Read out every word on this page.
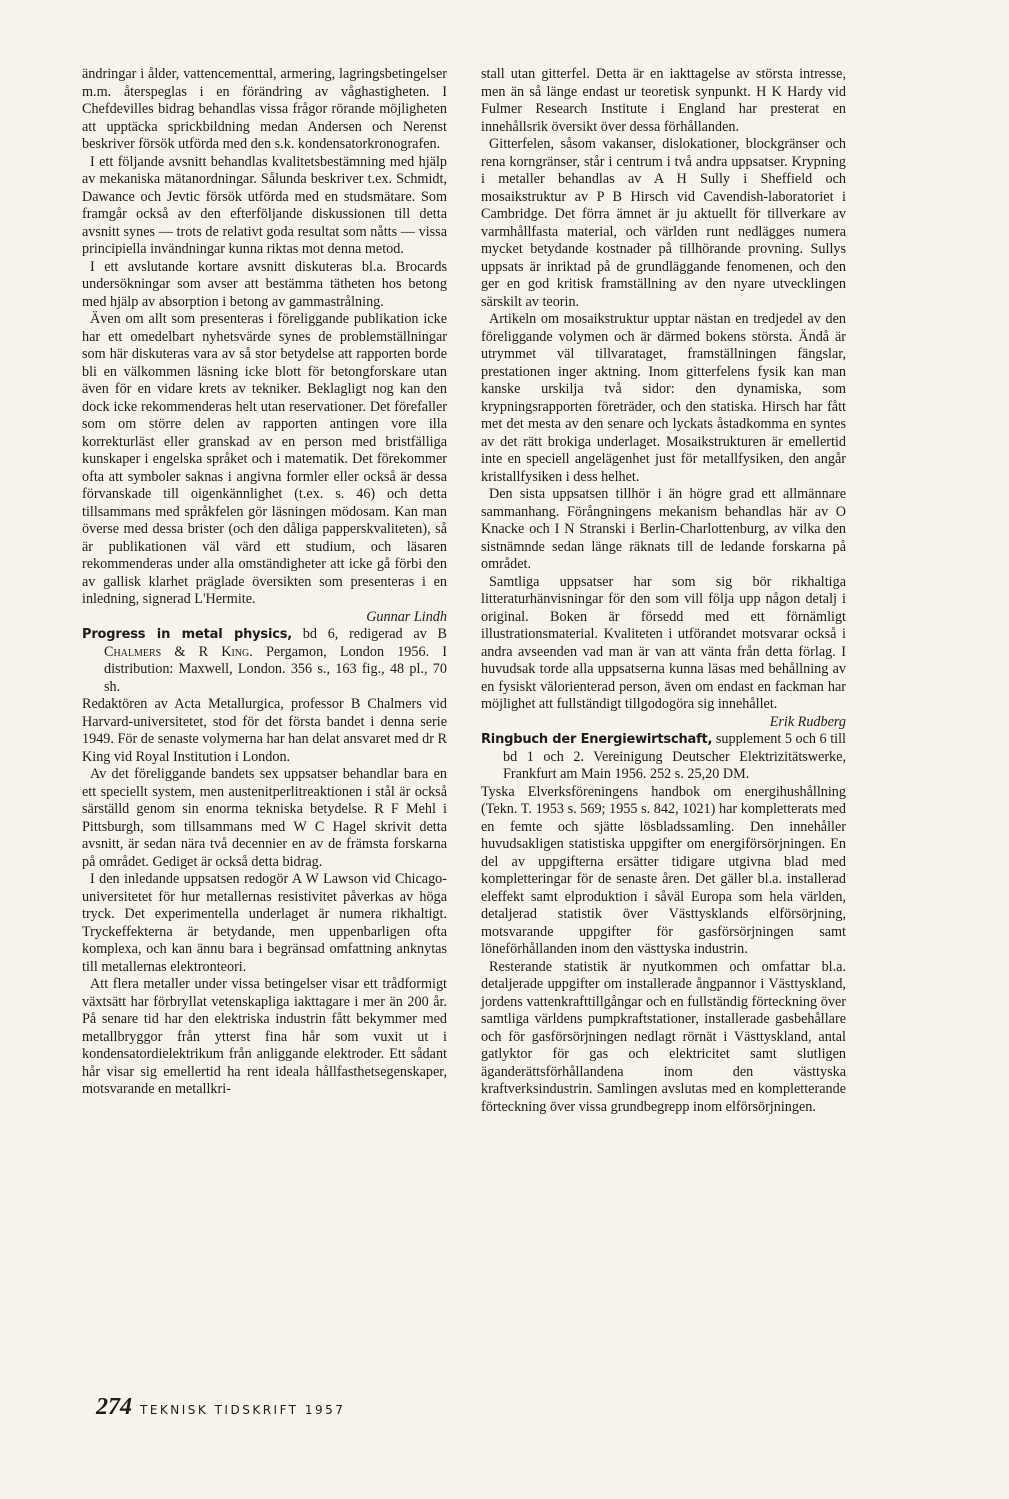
ändringar i ålder, vattencementtal, armering, lagringsbetingelser m.m. återspeglas i en förändring av våghastigheten. I Chefdevilles bidrag behandlas vissa frågor rörande möjligheten att upptäcka sprickbildning medan Andersen och Nerenst beskriver försök utförda med den s.k. kondensatorkronografen.

I ett följande avsnitt behandlas kvalitetsbestämning med hjälp av mekaniska mätanordningar. Sålunda beskriver t.ex. Schmidt, Dawance och Jevtic försök utförda med en studsmätare. Som framgår också av den efterföljande diskussionen till detta avsnitt synes — trots de relativt goda resultat som nåtts — vissa principiella invändningar kunna riktas mot denna metod.

I ett avslutande kortare avsnitt diskuteras bl.a. Brocards undersökningar som avser att bestämma tätheten hos betong med hjälp av absorption i betong av gammastrålning.

Även om allt som presenteras i föreliggande publikation icke har ett omedelbart nyhetsvärde synes de problemställningar som här diskuteras vara av så stor betydelse att rapporten borde bli en välkommen läsning icke blott för betongforskare utan även för en vidare krets av tekniker. Beklagligt nog kan den dock icke rekommenderas helt utan reservationer. Det förefaller som om större delen av rapporten antingen vore illa korrekturläst eller granskad av en person med bristfälliga kunskaper i engelska språket och i matematik. Det förekommer ofta att symboler saknas i angivna formler eller också är dessa förvanskade till oigenkännlighet (t.ex. s. 46) och detta tillsammans med språkfelen gör läsningen mödosam. Kan man överse med dessa brister (och den dåliga papperskvaliteten), så är publikationen väl värd ett studium, och läsaren rekommenderas under alla omständigheter att icke gå förbi den av gallisk klarhet präglade översikten som presenteras i en inledning, signerad L'Hermite.

Gunnar Lindh

Progress in metal physics, bd 6, redigerad av B Chalmers & R King. Pergamon, London 1956. I distribution: Maxwell, London. 356 s., 163 fig., 48 pl., 70 sh.

Redaktören av Acta Metallurgica, professor B Chalmers vid Harvard-universitetet, stod för det första bandet i denna serie 1949. För de senaste volymerna har han delat ansvaret med dr R King vid Royal Institution i London.

Av det föreliggande bandets sex uppsatser behandlar bara en ett speciellt system, men austenitperlitreaktionen i stål är också särställd genom sin enorma tekniska betydelse. R F Mehl i Pittsburgh, som tillsammans med W C Hagel skrivit detta avsnitt, är sedan nära två decennier en av de främsta forskarna på området. Gediget är också detta bidrag.

I den inledande uppsatsen redogör A W Lawson vid Chicago-universitetet för hur metallernas resistivitet påverkas av höga tryck. Det experimentella underlaget är numera rikhaltigt. Tryckeffekterna är betydande, men uppenbarligen ofta komplexa, och kan ännu bara i begränsad omfattning anknytas till metallernas elektronteori.

Att flera metaller under vissa betingelser visar ett trådformigt växtsätt har förbryllat vetenskapliga iakttagare i mer än 200 år. På senare tid har den elektriska industrin fått bekymmer med metallbryggor från ytterst fina hår som vuxit ut i kondensatordielektrikum från anliggande elektroder. Ett sådant hår visar sig emellertid ha rent ideala hållfasthetsegenskaper, motsvarande en metallkri-

stall utan gitterfel. Detta är en iakttagelse av största intresse, men än så länge endast ur teoretisk synpunkt. H K Hardy vid Fulmer Research Institute i England har presterat en innehållsrik översikt över dessa förhållanden.

Gitterfelen, såsom vakanser, dislokationer, blockgränser och rena korngränser, står i centrum i två andra uppsatser. Krypning i metaller behandlas av A H Sully i Sheffield och mosaikstruktur av P B Hirsch vid Cavendish-laboratoriet i Cambridge. Det förra ämnet är ju aktuellt för tillverkare av varmhållfasta material, och världen runt nedlägges numera mycket betydande kostnader på tillhörande provning. Sullys uppsats är inriktad på de grundläggande fenomenen, och den ger en god kritisk framställning av den nyare utvecklingen särskilt av teorin.

Artikeln om mosaikstruktur upptar nästan en tredjedel av den föreliggande volymen och är därmed bokens största. Ändå är utrymmet väl tillvarataget, framställningen fängslar, prestationen inger aktning. Inom gitterfelens fysik kan man kanske urskilja två sidor: den dynamiska, som krypningsrapporten företräder, och den statiska. Hirsch har fått met det mesta av den senare och lyckats åstadkomma en syntes av det rätt brokiga underlaget. Mosaikstrukturen är emellertid inte en speciell angelägenhet just för metallfysiken, den angår kristallfysiken i dess helhet.

Den sista uppsatsen tillhör i än högre grad ett allmännare sammanhang. Förångningens mekanism behandlas här av O Knacke och I N Stranski i Berlin-Charlottenburg, av vilka den sistnämnde sedan länge räknats till de ledande forskarna på området.

Samtliga uppsatser har som sig bör rikhaltiga litteraturhänvisningar för den som vill följa upp någon detalj i original. Boken är försedd med ett förnämligt illustrationsmaterial. Kvaliteten i utförandet motsvarar också i andra avseenden vad man är van att vänta från detta förlag. I huvudsak torde alla uppsatserna kunna läsas med behållning av en fysiskt välorienterad person, även om endast en fackman har möjlighet att fullständigt tillgodogöra sig innehållet.

Erik Rudberg

Ringbuch der Energiewirtschaft, supplement 5 och 6 till bd 1 och 2. Vereinigung Deutscher Elektrizitätswerke, Frankfurt am Main 1956. 252 s. 25,20 DM.

Tyska Elverksföreningens handbok om energihushållning (Tekn. T. 1953 s. 569; 1955 s. 842, 1021) har kompletterats med en femte och sjätte lösbladssamling. Den innehåller huvudsakligen statistiska uppgifter om energiförsörjningen. En del av uppgifterna ersätter tidigare utgivna blad med kompletteringar för de senaste åren. Det gäller bl.a. installerad eleffekt samt elproduktion i såväl Europa som hela världen, detaljerad statistik över Västtysklands elförsörjning, motsvarande uppgifter för gasförsörjningen samt löneförhållanden inom den västtyska industrin.

Resterande statistik är nyutkommen och omfattar bl.a. detaljerade uppgifter om installerade ångpannor i Västtyskland, jordens vattenkrafttillgångar och en fullständig förteckning över samtliga världens pumpkraftstationer, installerade gasbehållare och för gasförsörjningen nedlagt rörnät i Västtyskland, antal gatlyktor för gas och elektricitet samt slutligen äganderättsförhållandena inom den västtyska kraftverksindustrin. Samlingen avslutas med en kompletterande förteckning över vissa grundbegrepp inom elförsörjningen.

274 TEKNISK TIDSKRIFT 1957
